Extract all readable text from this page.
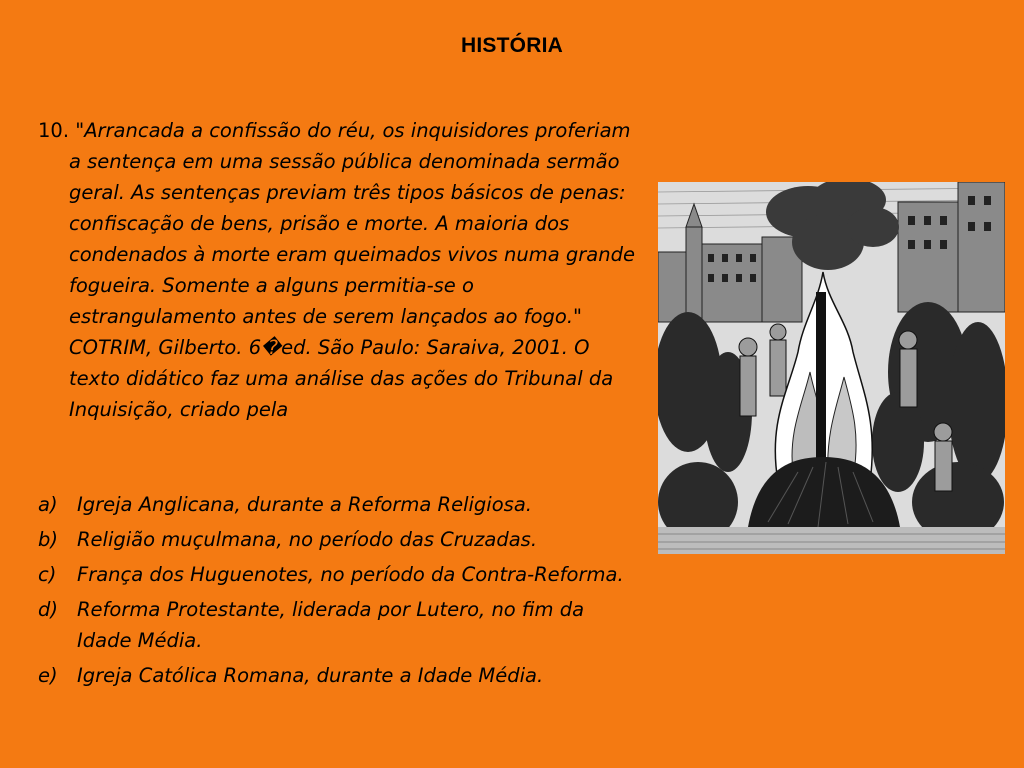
HISTÓRIA
10. "Arrancada a confissão do réu, os inquisidores proferiam a sentença em uma sessão pública denominada sermão geral. As sentenças previam três tipos básicos de penas: confiscação de bens, prisão e morte. A maioria dos condenados à morte eram queimados vivos numa grande fogueira. Somente a alguns permitia-se o estrangulamento antes de serem lançados ao fogo." COTRIM, Gilberto. 6�ed. São Paulo: Saraiva, 2001. O texto didático faz uma análise das ações do Tribunal da Inquisição, criado pela
a) Igreja Anglicana, durante a Reforma Religiosa.
b) Religião muçulmana, no período das Cruzadas.
c)	França dos Huguenotes, no período da Contra-Reforma.
d) Reforma Protestante, liderada por Lutero, no fim da Idade Média.
e) Igreja Católica Romana, durante a Idade Média.
